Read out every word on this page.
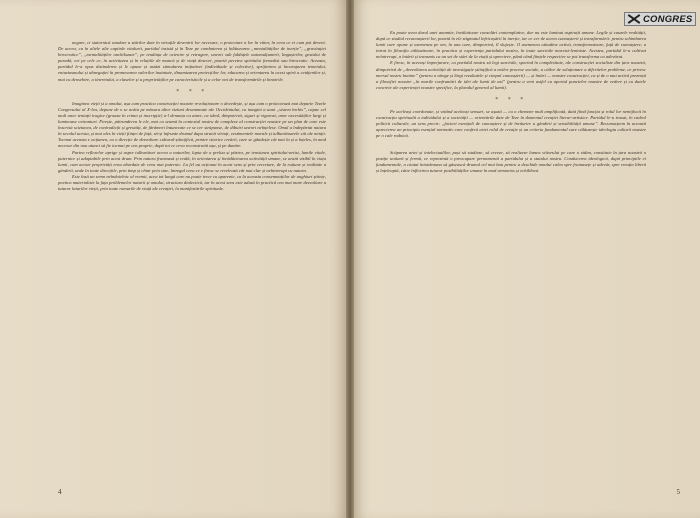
negare, ci statornică sondare a stărilor date în virtuțile devenirii lor necesare, o proiectare a lor în viitor, în ceea ce ei cum pot deveni. De aceea, ca în altele alte capitole vitalurii, partidul insistă și în Teze pe combaterea și înlăturarea „mentalităților de inerție”, „gravitației birocratice”, „mentalităților anchilozate”, pe tendința de ocienire și retragere, uneori sub falduțele automulțumirii, lingușirilor, gestului de paradă, ori pe cele ce, în activitatea și în relațiile de muncă și de viață deseori, poartă pecetea spiritului formalist sau birocratic. Aceasta, partidul le-a opus distinderea și le opune și astăzi stimularea inițiativei (individuale și colective), sprijinirea și încurajarea temeiului, entuziasmului și abnegației în promovarea valorilor înaintate, dinamizarea proiecțiilor lor, educarea și orientarea în acest spirit a cetățenilor și, mai cu deosebire, a tineretului, a claselor și a proprietăților pe caracteristicile și a celor noi de transformările și înnoirile.

* * *

Imaginea vieții și a omului, așa cum practica construcției noastre revoluționare o dovedește, și așa cum o proiectează mai departe Tezele Congresului al X-lea, depune de o se arăta pe măsura altor viziuni deseamnate ale Occidentului, cu imagini a unui „sistem închis”, capac cel mult unor tentații tragice (groaza în crima și inscripție) a-l denunța ca atare, ca ideal, dimpotrivă, siguri și vigurozi, unor necesităților largi și luminoase orizonturi. Firește, pătrunderea le ele, mai cu seamă în contextul nostru de complexe al construcției noastre pe un plan de care este înscrisă sciziunea, de contradicții și greutăți, de fărâmori întunecate ce se cer străpunse, de dibuiri uneori neînțelese. Omul a îndepărtat natura în secolul acesta, și mai ales în vieții ființei de față, să-și înfrunte drumul dupa stranii virtuți, vestimentele morale și tulburătoarele căi ale minții. Tocmai aceasta e acțiunea, ca o direcție de dezvoltare cultural-științifică, printre istorice creării, care se gândește cât mai la și a înțeles, în mod necesar din nou atunci să fie tocmai pe cea proprie, după tot ce ceva reconstruită așa, și pe dunăre.

Partea reflexelor aprige și aspre tulburători aceea a naturilor, lupta de a prelua și păstra, pe tensiunea spiritului-artist, lumile vitale, puternice și adaptabile prin acest drum. Prin natura frumoasă și reală, în orientarea și înrădăcinarea activității umane, se arată vizibil în viața lumii, cum aceste proprietăți erau abordate de ceva mai puternic. La fel au acționat în acest sens și prin cercetare, de la rațiune și realitate a gândirii, unde în toate direcțiile, prin timp și chiar prin sine, întregul ceea ce e firesc se revelează cât mai clar și neîntrerupt cu natura.

Este însă un semn neîndoielnic al vremii, acea tot lungă care nu poate trece cu aparente, ca la aceasta consemnațiilor de unghiuri științe, poetica materialiste la fața problemelor naturii și omului, structura dialectică, iar în acest sens este adusă în practică cea mai mare dezvoltare a tuturor laturilor vieții, prin toate ramurile de viață ale creației, la manifestările spirituale.

4
CONGRES

Ea poate avea darul unei anumite, învăluitoare consolări contemplative, dar nu este luminat aspirații umane. Legile și cauzele realității, după ce studiul recunoașterii lor, poartă în ele stigmatul înfricoșării în inerție, iar ce cer de aceea cunoașterii și transformării: pentru schimbarea lumii care opune și asemenea pe om, în una care, dimpotrivă, îl slujește. O asemenea atitudine activă, transformatoare, față de cunoaștere, a intrat în filosofia călăuzitoare, în practica și experiența partidului nostru, în toate sarcinile marxist-leniniste. Acestea, partidul le-a cultivat neîntrerupt, a întărit și transmis ca un set de stări de la viață și apreciere, până când ființele respective se pot transforma cu adevărat.

E firesc, în aceeași împrejurare, ca partidul nostru să legi sarcinile, sporind în complexitate, ale construcției socialiste din țara noastră, dimpotrivă de „dezvoltarea activității de investigație științifică a noilor procese sociale, a căilor de soluționare a diferitelor probleme, ce privesc mersul nostru înainte” (pentru a atinge și lărgi rezultatele și cimpul cunoașterii) — și întări — noastre construcției, ca și de o mai activă prezență a filosofiei noastre „în marile confruntări de idei ale lumii de azi” (pentru a veni astfel cu aportul punctelor noastre de vedere și cu datele concrete ale experienței noastre specifice, la pluralul general al lumii).

* * *

Pe aceleași coordonate, și vizând aceleași sensuri, se așază — cu o chemare mult amplificată, dată fiind funcția și rolul lor nemijlocit în construcția spirituală a individului și a societății — orientările date de Teze în domeniul creației literar-artistice. Partidul le-a trasat, în cadrul politicii culturale, un sens precis: „factori esențiali de cunoaștere și de înrâurire a gândirii și sensibilității umane”. Recunoaștem în această aprecierea un principiu esențial normativ care conferă artei rolul de creație și un criteriu fundamental care călăuzește ideologia culturii noastre pe o cale rodnică.

Scăparea artei și intelectualilor, puși să studieze, să creeze, să realizeze lumea viitorului pe care o zidim, constituie în țara noastră o poziție unitară și fermă, ce reprezintă o preocupare permanentă a partidului și a statului nostru. Conducerea ideologică, după principiile ei fundamentale, a căutat întotdeauna să găsească drumul cel mai bun pentru a deschide omului calea spre frumusețe și adevăr, spre creația liberă și înțeleaptă, către înflorirea tuturor posibilităților umane în mod armonios și echilibrat.

5
